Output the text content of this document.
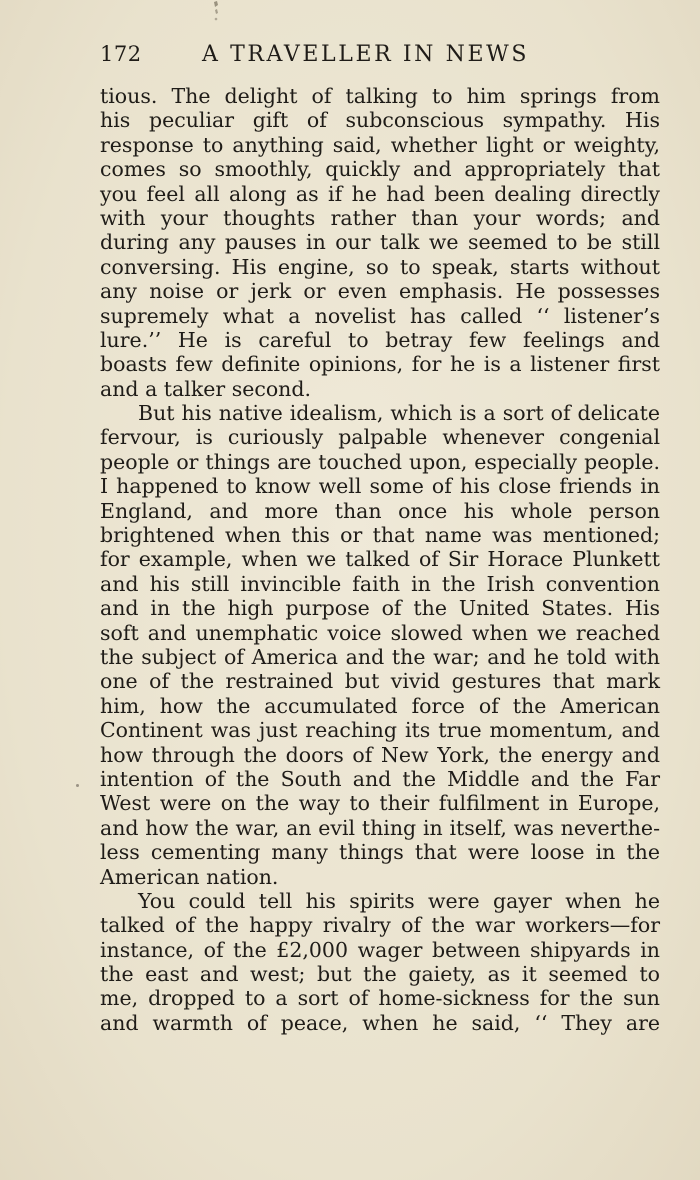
172	A TRAVELLER IN NEWS
tious. The delight of talking to him springs from
his peculiar gift of subconscious sympathy. His
response to anything said, whether light or weighty,
comes so smoothly, quickly and appropriately that
you feel all along as if he had been dealing directly
with your thoughts rather than your words; and
during any pauses in our talk we seemed to be still
conversing. His engine, so to speak, starts without
any noise or jerk or even emphasis. He possesses
supremely what a novelist has called ‘‘ listener’s
lure.’’ He is careful to betray few feelings and
boasts few definite opinions, for he is a listener first
and a talker second.
But his native idealism, which is a sort of delicate
fervour, is curiously palpable whenever congenial
people or things are touched upon, especially people.
I happened to know well some of his close friends in
England, and more than once his whole person
brightened when this or that name was mentioned;
for example, when we talked of Sir Horace Plunkett
and his still invincible faith in the Irish convention
and in the high purpose of the United States. His
soft and unemphatic voice slowed when we reached
the subject of America and the war; and he told with
one of the restrained but vivid gestures that mark
him, how the accumulated force of the American
Continent was just reaching its true momentum, and
how through the doors of New York, the energy and
intention of the South and the Middle and the Far
West were on the way to their fulfilment in Europe,
and how the war, an evil thing in itself, was neverthe-
less cementing many things that were loose in the
American nation.
You could tell his spirits were gayer when he
talked of the happy rivalry of the war workers—for
instance, of the £2,000 wager between shipyards in
the east and west; but the gaiety, as it seemed to
me, dropped to a sort of home-sickness for the sun
and warmth of peace, when he said, ‘‘ They are
